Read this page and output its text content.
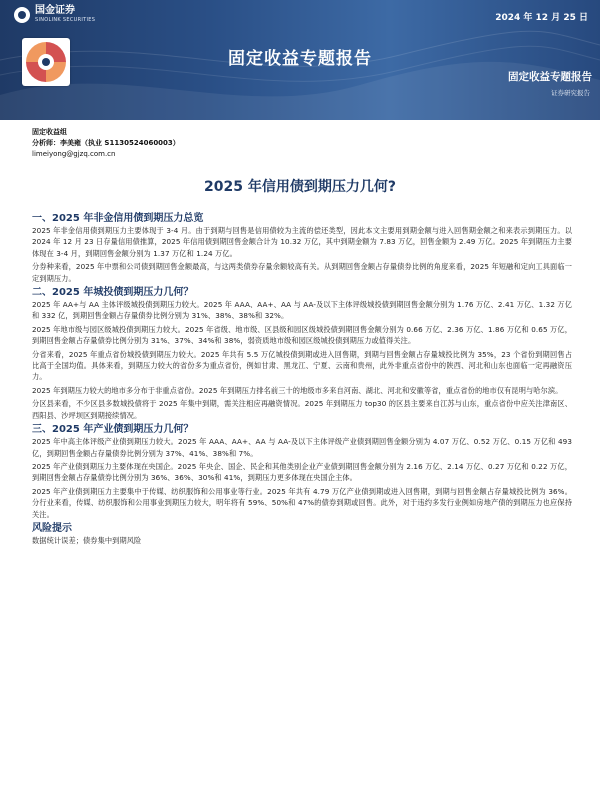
国金证券
SINOLINK SECURITIES	2024 年 12 月 25 日
固定收益专题报告
固定收益专题报告
证券研究报告
固定收益组
分析师：李美雍（执业 S1130524060003）
limeiyong@gjzq.com.cn
2025 年信用债到期压力几何?
一、2025 年非金信用债到期压力总览

2025 年非金信用债到期压力主要体现于 3-4 月。由于到期与回售是信用债较为主流的偿还类型，因此本文主要用到期金额与进入回售期金额之和来表示到期压力。以 2024 年 12 月 23 日存量信用债推算，2025 年信用债到期回售金额合计为 10.32 万亿，其中到期金额为 7.83 万亿，回售金额为 2.49 万亿。2025 年到期压力主要体现在 3-4 月，到期回售金额分别为 1.37 万亿和 1.24 万亿。

分券种来看，2025 年中票和公司债到期回售金额最高，与这两类债券存量余额较高有关。从到期回售金额占存量债券比例的角度来看，2025 年短融和定向工具面临一定到期压力。

二、2025 年城投债到期压力几何？

2025 年 AA+与 AA 主体评级城投债到期压力较大。2025 年 AAA、AA+、AA 与 AA-及以下主体评级城投债到期回售金额分别为 1.76 万亿、2.41 万亿、1.32 万亿和 332 亿，到期回售金额占存量债券比例分别为 31%、38%、38%和 32%。

2025 年地市级与园区级城投债到期压力较大。2025 年省级、地市级、区县级和园区级城投债到期回售金额分别为 0.66 万亿、2.36 万亿、1.86 万亿和 0.65 万亿，到期回售金额占存量债券比例分别为 31%、37%、34%和 38%，弱资质地市级和园区级城投债到期压力或值得关注。

分省来看，2025 年重点省份城投债到期压力较大。2025 年共有 5.5 万亿城投债到期或进入回售期，到期与回售金额占存量城投比例为 35%，23 个省份到期回售占比高于全国均值。具体来看，到期压力较大的省份多为重点省份，例如甘肃、黑龙江、宁夏、云南和贵州，此外非重点省份中的陕西、河北和山东也面临一定再融资压力。

2025 年到期压力较大的地市多分布于非重点省份。2025 年到期压力排名前三十的地级市多来自河南、湖北、河北和安徽等省，重点省份的地市仅有昆明与哈尔滨。

分区县来看，不少区县多数城投债将于 2025 年集中到期，需关注相应再融资情况。2025 年到期压力 top30 的区县主要来自江苏与山东，重点省份中应关注津南区、西阳县、沙坪坝区到期接续情况。

三、2025 年产业债到期压力几何？

2025 年中高主体评级产业债到期压力较大。2025 年 AAA、AA+、AA 与 AA-及以下主体评级产业债到期回售金额分别为 4.07 万亿、0.52 万亿、0.15 万亿和 493 亿，到期回售金额占存量债券比例分别为 37%、41%、38%和 7%。

2025 年产业债到期压力主要体现在央国企。2025 年央企、国企、民企和其他类别企业产业债到期回售金额分别为 2.16 万亿、2.14 万亿、0.27 万亿和 0.22 万亿，到期回售金额占存量债券比例分别为 36%、36%、30%和 41%，到期压力更多体现在央国企主体。

2025 年产业债到期压力主要集中于传媒、纺织服饰和公用事业等行业。2025 年共有 4.79 万亿产业债到期或进入回售期，到期与回售金额占存量城投比例为 36%。分行业来看，传媒、纺织服饰和公用事业到期压力较大，明年将有 59%、50%和 47%的债券到期或回售。此外，对于违约多发行业例如房地产债的到期压力也应保持关注。

风险提示

数据统计误差；债券集中到期风险
